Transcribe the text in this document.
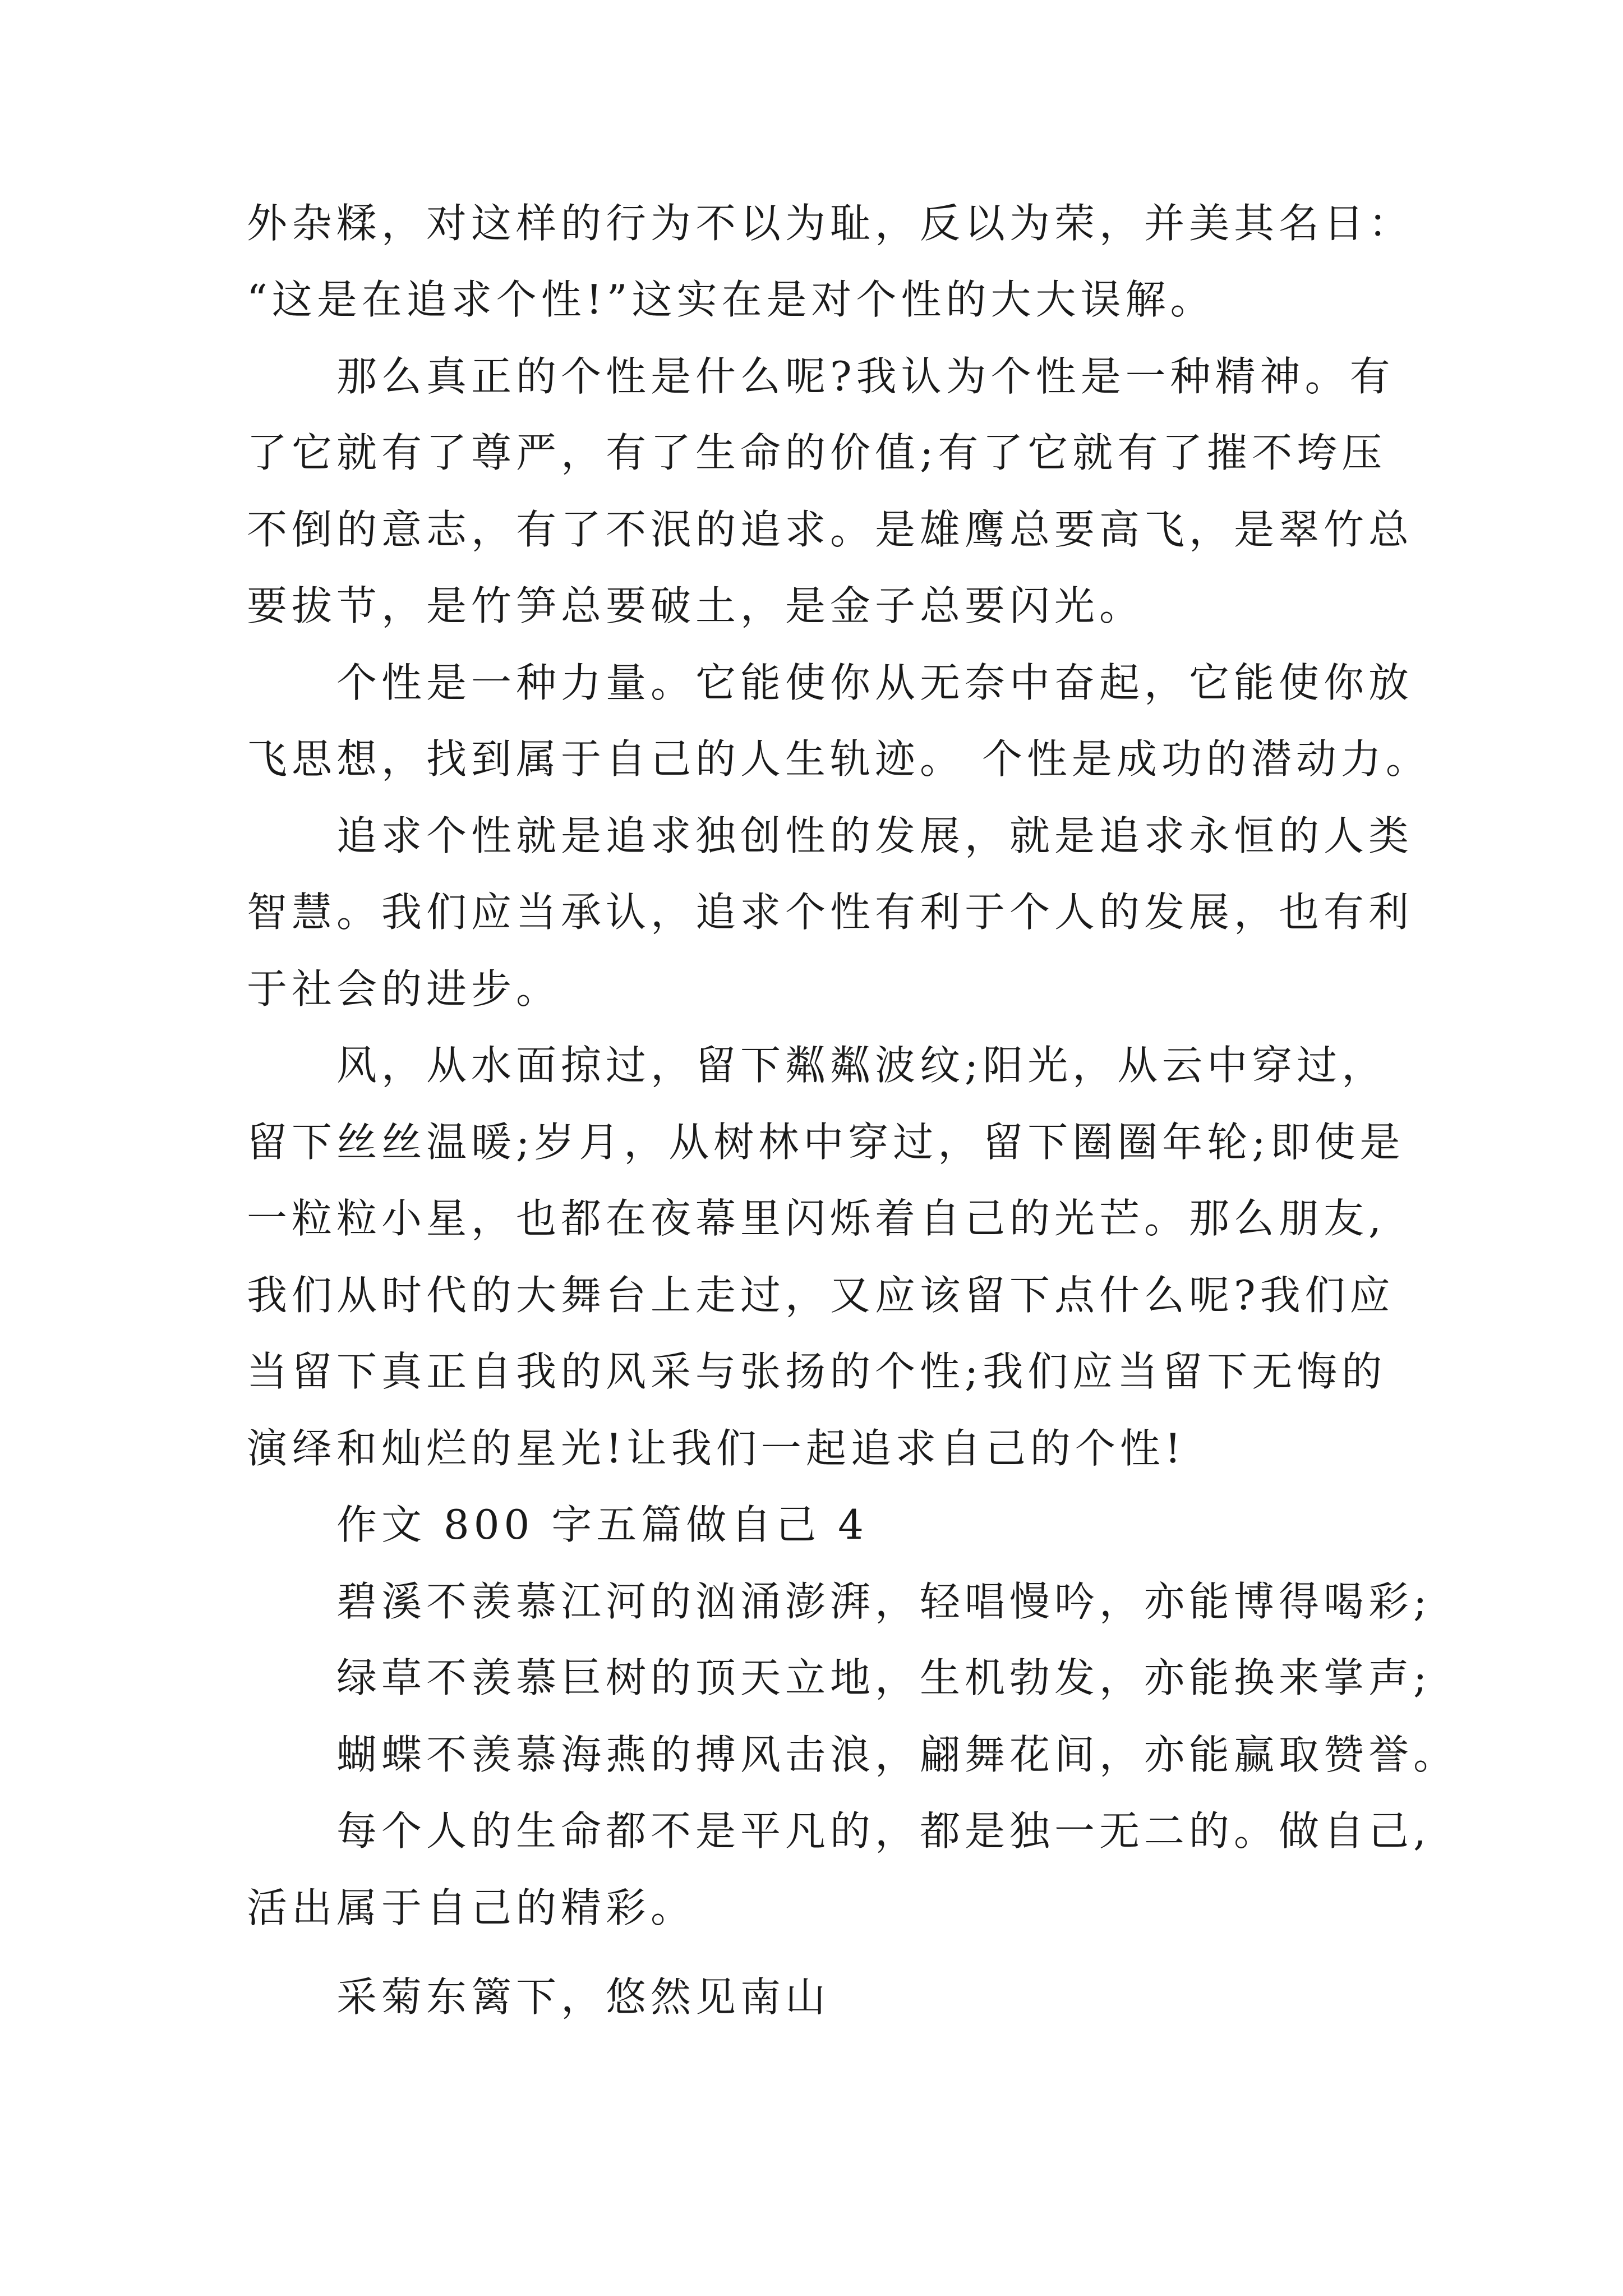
外杂糅，对这样的行为不以为耻，反以为荣，并美其名日：
“这是在追求个性!”这实在是对个性的大大误解。
那么真正的个性是什么呢?我认为个性是一种精神。有
了它就有了尊严，有了生命的价值;有了它就有了摧不垮压
不倒的意志，有了不泯的追求。是雄鹰总要高飞，是翠竹总
要拔节，是竹笋总要破土，是金子总要闪光。
个性是一种力量。它能使你从无奈中奋起，它能使你放
飞思想，找到属于自己的人生轨迹。 个性是成功的潜动力。
追求个性就是追求独创性的发展，就是追求永恒的人类
智慧。我们应当承认，追求个性有利于个人的发展，也有利
于社会的进步。
风，从水面掠过，留下粼粼波纹;阳光，从云中穿过，
留下丝丝温暖;岁月，从树林中穿过，留下圈圈年轮;即使是
一粒粒小星，也都在夜幕里闪烁着自己的光芒。那么朋友,
我们从时代的大舞台上走过，又应该留下点什么呢?我们应
当留下真正自我的风采与张扬的个性;我们应当留下无悔的
演绎和灿烂的星光!让我们一起追求自己的个性!
作文 800 字五篇做自己 4
碧溪不羡慕江河的汹涌澎湃，轻唱慢吟，亦能博得喝彩;
绿草不羡慕巨树的顶天立地，生机勃发，亦能换来掌声;
蝴蝶不羡慕海燕的搏风击浪，翩舞花间，亦能赢取赞誉。
每个人的生命都不是平凡的，都是独一无二的。做自己,
活出属于自己的精彩。
采菊东篱下，悠然见南山
